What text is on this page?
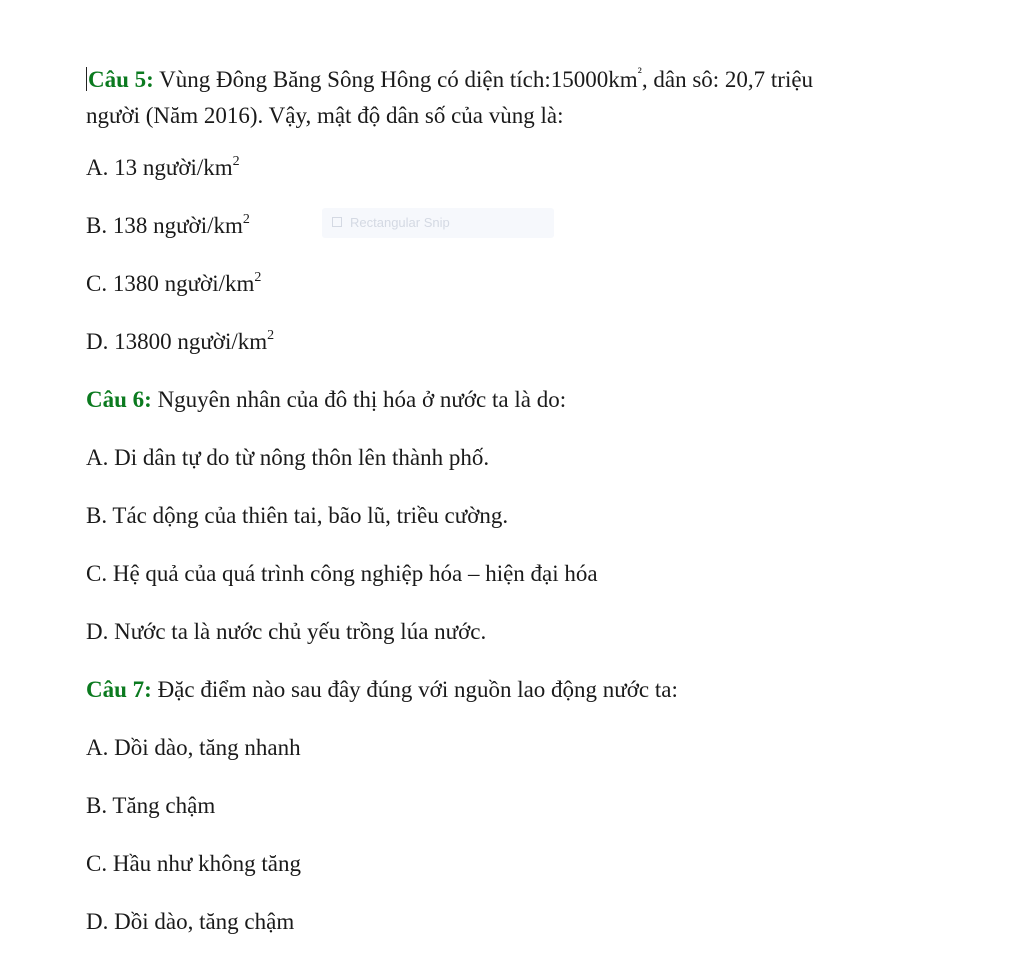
Câu 5: Vùng Đông Băng Sông Hông có diện $tích:15000km^{^2}$, dân sô: 20,7 triệu
người (Năm 2016). Vậy, mật độ dân số của vùng là:

A. 13 người/$km^2$

B. 138 người/$km^2$

C. 1380 người/$km^2$

D. 13800 người/$km^2$

Câu 6: Nguyên nhân của đô thị hóa ở nước ta là do:

A. Di dân tự do từ nông thôn lên thành phố.

B. Tác dộng của thiên tai, bão lũ, triều cường.

C. Hệ quả của quá trình công nghiệp hóa – hiện đại hóa

D. Nước ta là nước chủ yếu trồng lúa nước.

Câu 7: Đặc điểm nào sau đây đúng với nguồn lao động nước ta:

A. Dồi dào, tăng nhanh

B. Tăng chậm

C. Hầu như không tăng

D. Dồi dào, tăng chậm

Rectangular Snip
